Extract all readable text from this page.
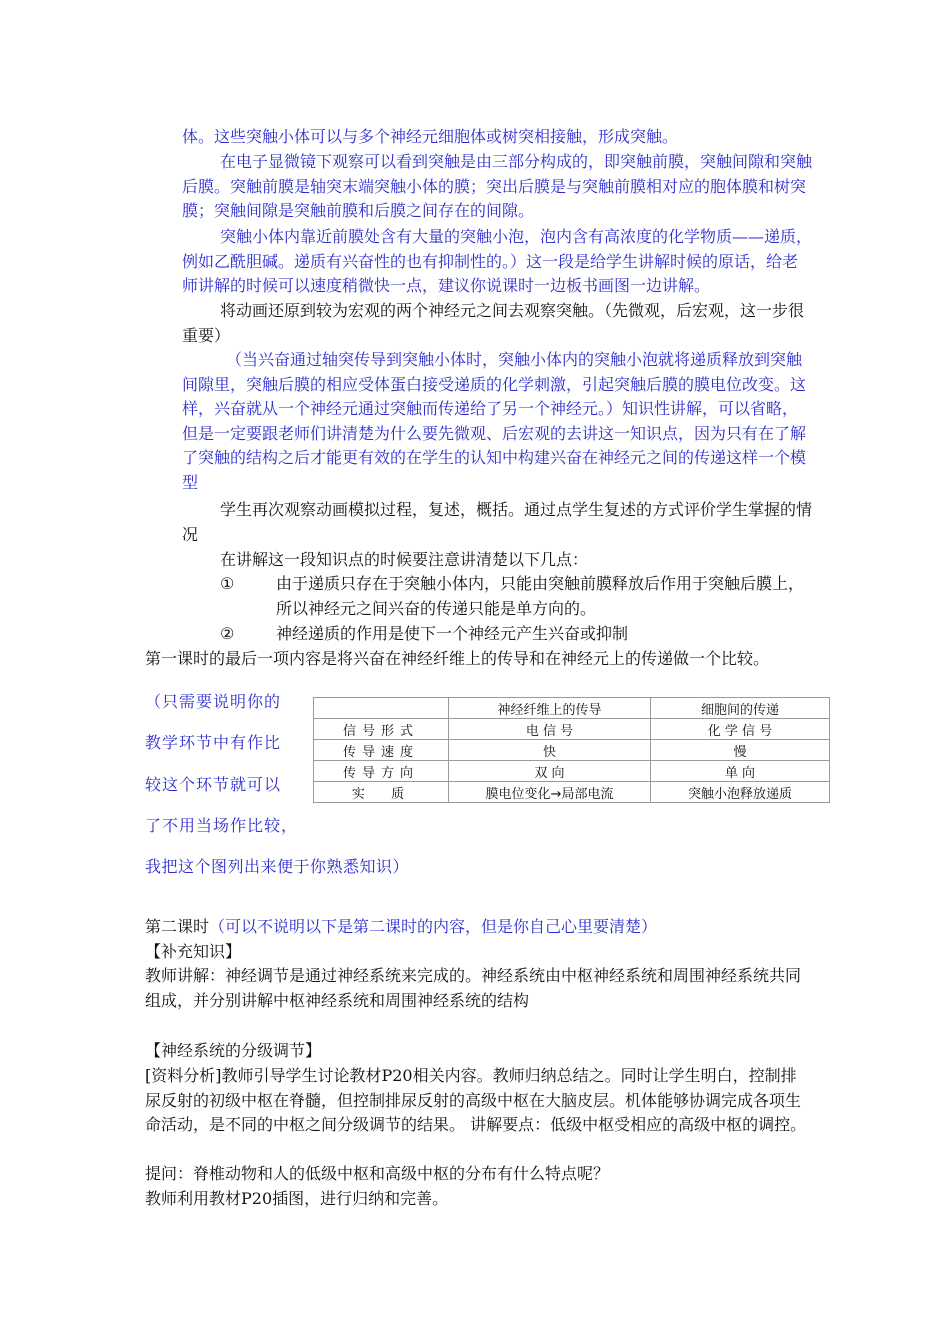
体。这些突触小体可以与多个神经元细胞体或树突相接触，形成突触。

在电子显微镜下观察可以看到突触是由三部分构成的，即突触前膜，突触间隙和突触后膜。突触前膜是轴突末端突触小体的膜；突出后膜是与突触前膜相对应的胞体膜和树突膜；突触间隙是突触前膜和后膜之间存在的间隙。

突触小体内靠近前膜处含有大量的突触小泡，泡内含有高浓度的化学物质——递质，例如乙酰胆碱。递质有兴奋性的也有抑制性的。）这一段是给学生讲解时候的原话，给老师讲解的时候可以速度稍微快一点，建议你说课时一边板书画图一边讲解。

将动画还原到较为宏观的两个神经元之间去观察突触。（先微观，后宏观，这一步很重要）

（当兴奋通过轴突传导到突触小体时，突触小体内的突触小泡就将递质释放到突触间隙里，突触后膜的相应受体蛋白接受递质的化学刺激，引起突触后膜的膜电位改变。这样，兴奋就从一个神经元通过突触而传递给了另一个神经元。）知识性讲解，可以省略，但是一定要跟老师们讲清楚为什么要先微观、后宏观的去讲这一知识点，因为只有在了解了突触的结构之后才能更有效的在学生的认知中构建兴奋在神经元之间的传递这样一个模型

学生再次观察动画模拟过程，复述，概括。通过点学生复述的方式评价学生掌握的情况

在讲解这一段知识点的时候要注意讲清楚以下几点：

①	由于递质只存在于突触小体内，只能由突触前膜释放后作用于突触后膜上，所以神经元之间兴奋的传递只能是单方向的。

②	神经递质的作用是使下一个神经元产生兴奋或抑制

第一课时的最后一项内容是将兴奋在神经纤维上的传导和在神经元上的传递做一个比较。

（只需要说明你的
教学环节中有作比
较这个环节就可以
了不用当场作比较，
我把这个图列出来便于你熟悉知识）
	神经纤维上的传导	细胞间的传递
信号形式	电 信 号	化 学 信 号
传导速度	快	慢
传导方向	双 向	单 向
实  质	膜电位变化→局部电流	突触小泡释放递质
第二课时（可以不说明以下是第二课时的内容，但是你自己心里要清楚）
【补充知识】

教师讲解：神经调节是通过神经系统来完成的。神经系统由中枢神经系统和周围神经系统共同组成，并分别讲解中枢神经系统和周围神经系统的结构

【神经系统的分级调节】

[资料分析]教师引导学生讨论教材P20相关内容。教师归纳总结之。同时让学生明白，控制排尿反射的初级中枢在脊髓，但控制排尿反射的高级中枢在大脑皮层。机体能够协调完成各项生命活动，是不同的中枢之间分级调节的结果。 讲解要点：低级中枢受相应的高级中枢的调控。

提问：脊椎动物和人的低级中枢和高级中枢的分布有什么特点呢？

教师利用教材P20插图，进行归纳和完善。
